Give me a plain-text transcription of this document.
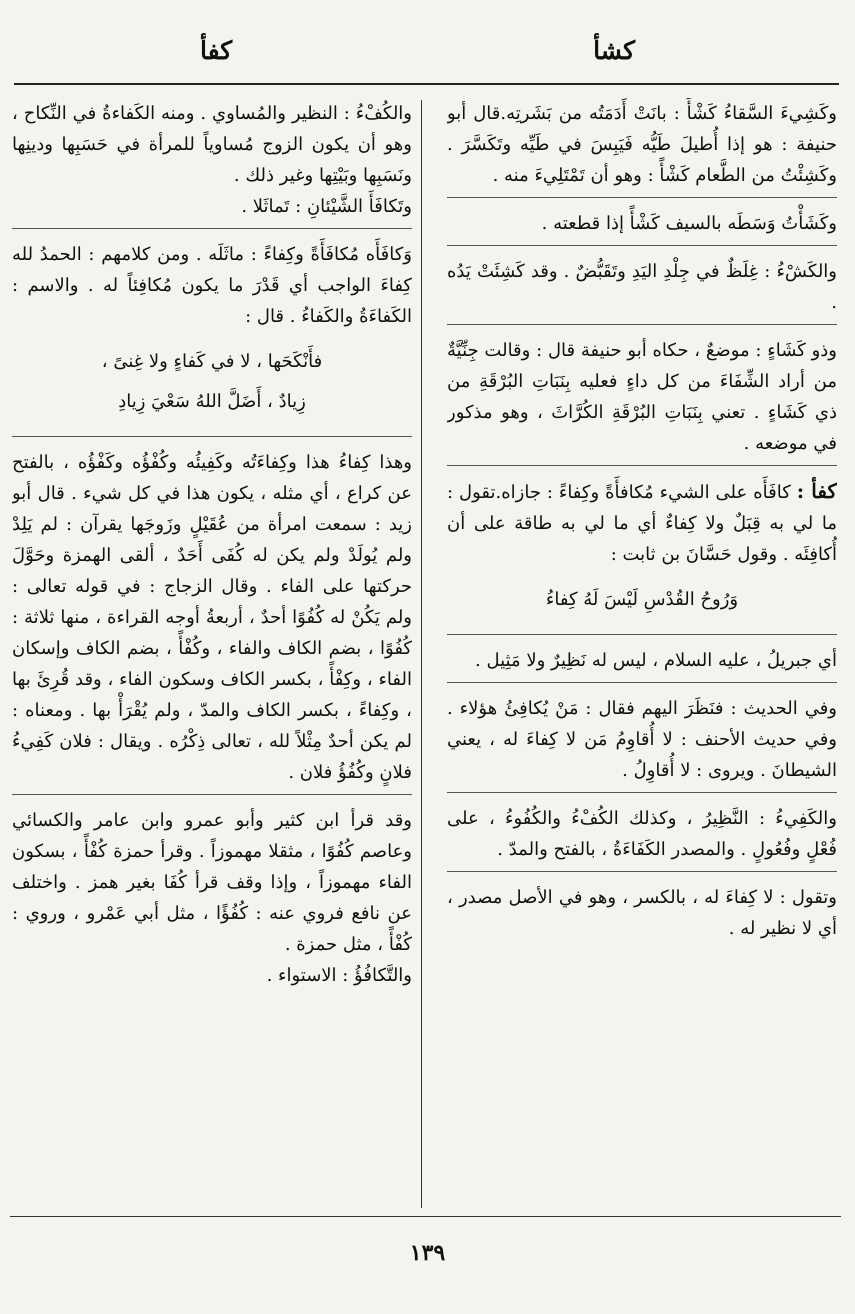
كشأ
كفأ

وكَشِيءَ السَّقاءُ كَشْأً : بانَتْ أَدَمَتُه من بَشَرتِه.قال أبو حنيفة : هو إذا أُطيلَ طَيُّه فَيَبِسَ في طَيِّه وتَكَسَّرَ . وكَشِئْتُ من الطَّعام كَشْأً : وهو أن تَمْتَلِيءَ منه .

وكَشَأْتُ وَسَطَه بالسيف كَشْأً إذا قطعته .

والكَشْءُ : غِلَظٌ في جِلْدِ اليَدِ وتَقَبُّضٌ . وقد كَشِئَتْ يَدُه .

وذو كَشَاءٍ : موضعٌ ، حكاه أبو حنيفة قال : وقالت جِنِّيَّةٌ من أراد الشِّفَاءَ من كل داءٍ فعليه بِنَبَاتِ البُرْقَةِ من ذي كَشَاءٍ . تعني بِنَبَاتِ البُرْقَةِ الكُرَّاثَ ، وهو مذكور في موضعه .

كفأ : كافَأَه على الشيء مُكافأَةً وكِفاءً : جازاه.تقول : ما لي به قِبَلٌ ولا كِفاءٌ أي ما لي به طاقة على أن أُكافِئَه . وقول حَسَّانَ بن ثابت :

وَرُوحُ القُدْسِ لَيْسَ لَهُ كِفاءُ

أي جبريلُ ، عليه السلام ، ليس له نَظِيرٌ ولا مَثِيل .

وفي الحديث : فنَظَرَ اليهم فقال : مَنْ يُكافِئُ هؤلاء . وفي حديث الأحنف : لا أُقاوِمُ مَن لا كِفاءَ له ، يعني الشيطانَ . ويروى : لا أُقاوِلُ .

والكَفِيءُ : النَّظِيرُ ، وكذلك الكُفْءُ والكُفُوءُ ، على فُعْلٍ وفُعُولٍ . والمصدر الكَفَاءَةُ ، بالفتح والمدّ .

وتقول : لا كِفاءَ له ، بالكسر ، وهو في الأصل مصدر ، أي لا نظير له .

والكُفْءُ : النظير والمُساوي . ومنه الكَفاءةُ في النِّكاح ، وهو أن يكون الزوج مُساوياً للمرأة في حَسَبِها ودينِها ونَسَبِها وبَيْتِها وغير ذلك .

وتَكافَأَ الشَّيْئانِ : تَماثَلا .

وَكافَأَه مُكافَأَةً وكِفاءً : ماثَلَه . ومن كلامهم : الحمدُ لله كِفاءَ الواجب أي قَدْرَ ما يكون مُكافِئاً له . والاسم : الكَفاءَةُ والكَفاءُ . قال :

فأَنْكَحَها ، لا في كَفاءٍ ولا غِنىً ،
زِيادٌ ، أَضَلَّ اللهُ سَعْيَ زِيادِ

وهذا كِفاءُ هذا وكِفاءَتُه وكَفِيئُه وكُفْؤُه وكَفْؤُه ، بالفتح عن كراع ، أي مثله ، يكون هذا في كل شيء . قال أبو زيد : سمعت امرأة من عُقَيْلٍ وزَوجَها يقرآن : لم يَلِدْ ولم يُولَدْ ولم يكن له كُفَى أَحَدٌ ، ألقى الهمزة وحَوَّلَ حركتها على الفاء . وقال الزجاج : في قوله تعالى : ولم يَكُنْ له كُفُوًا أحدٌ ، أربعةُ أوجه القراءة ، منها ثلاثة : كُفُوًا ، بضم الكاف والفاء ، وكُفْأً ، بضم الكاف وإسكان الفاء ، وكِفْأً ، بكسر الكاف وسكون الفاء ، وقد قُرِئَ بها ، وكِفاءً ، بكسر الكاف والمدّ ، ولم يُقْرَأْ بها . ومعناه : لم يكن أحدٌ مِثْلاً لله ، تعالى ذِكْرُه . ويقال : فلان كَفِيءُ فلانٍ وكُفُؤُ فلان .

وقد قرأ ابن كثير وأبو عمرو وابن عامر والكسائي وعاصم كُفُوًا ، مثقلا مهموزاً . وقرأ حمزة كُفْأً ، بسكون الفاء مهموزاً ، وإذا وقف قرأ كُفَا بغير همز . واختلف عن نافع فروي عنه : كُفُؤًا ، مثل أبي عَمْرو ، وروي : كُفْأً ، مثل حمزة .

والتَّكافُؤُ : الاستواء .

١٣٩
